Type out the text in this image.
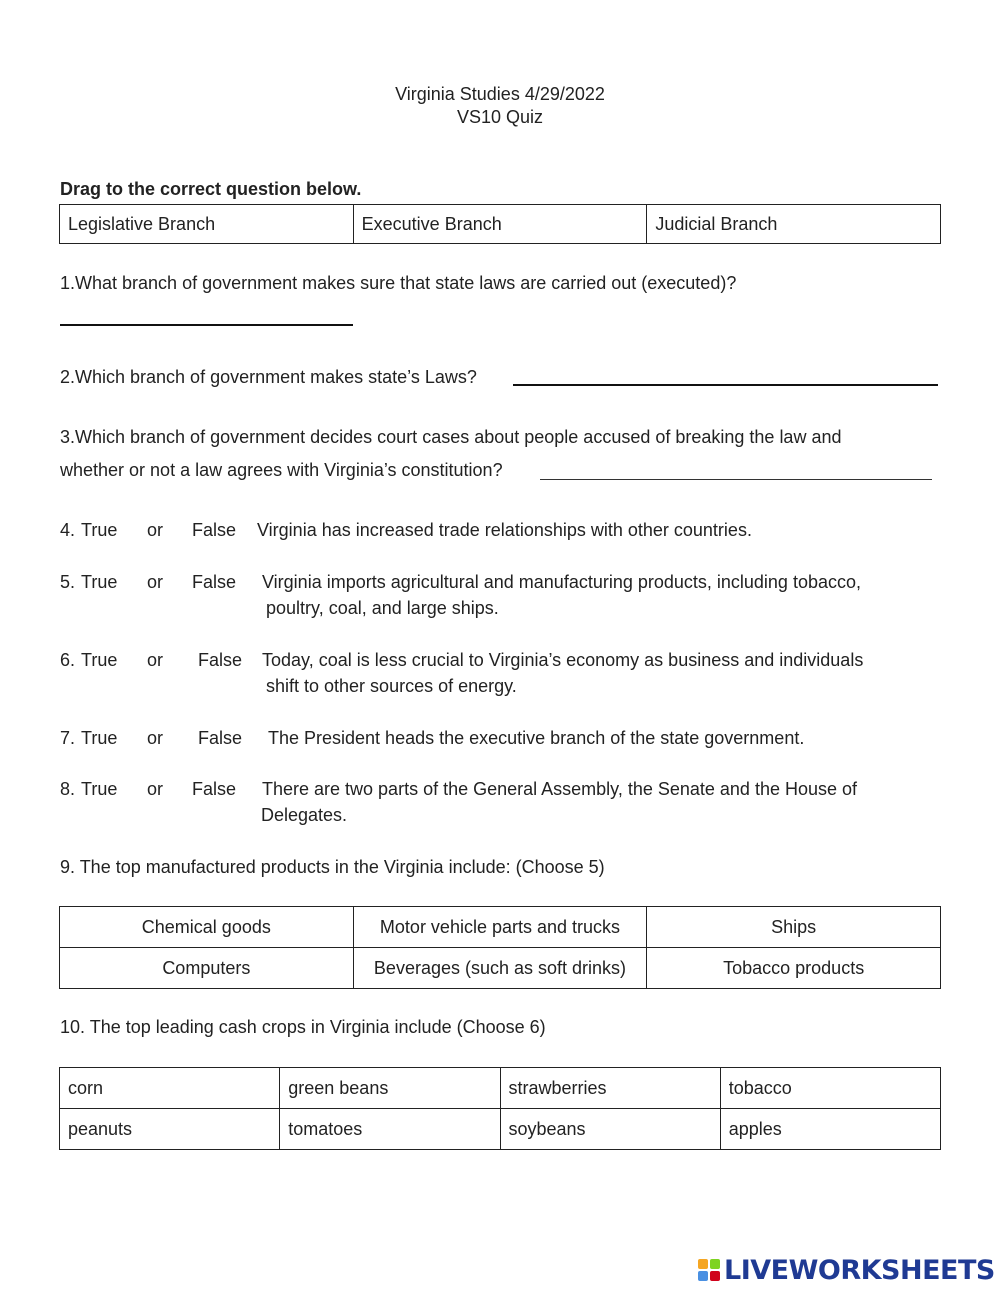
Virginia Studies 4/29/2022
VS10 Quiz
Drag to the correct question below.
Legislative Branch	Executive Branch	Judicial Branch
1.What branch of government makes sure that state laws are carried out (executed)?
2.Which branch of government makes state’s Laws?
3.Which branch of government decides court cases about people accused of breaking the law and
whether or not a law agrees with Virginia’s constitution?
4. True or False Virginia has increased trade relationships with other countries.
5. True or False Virginia imports agricultural and manufacturing products, including tobacco,
poultry, coal, and large ships.
6. True or False Today, coal is less crucial to Virginia’s economy as business and individuals
shift to other sources of energy.
7. True or False The President heads the executive branch of the state government.
8. True or False There are two parts of the General Assembly, the Senate and the House of
Delegates.
9. The top manufactured products in the Virginia include: (Choose 5)
Chemical goods	Motor vehicle parts and trucks	Ships
Computers	Beverages (such as soft drinks)	Tobacco products
10. The top leading cash crops in Virginia include (Choose 6)
corn	green beans	strawberries	tobacco
peanuts	tomatoes	soybeans	apples
LIVEWORKSHEETS
